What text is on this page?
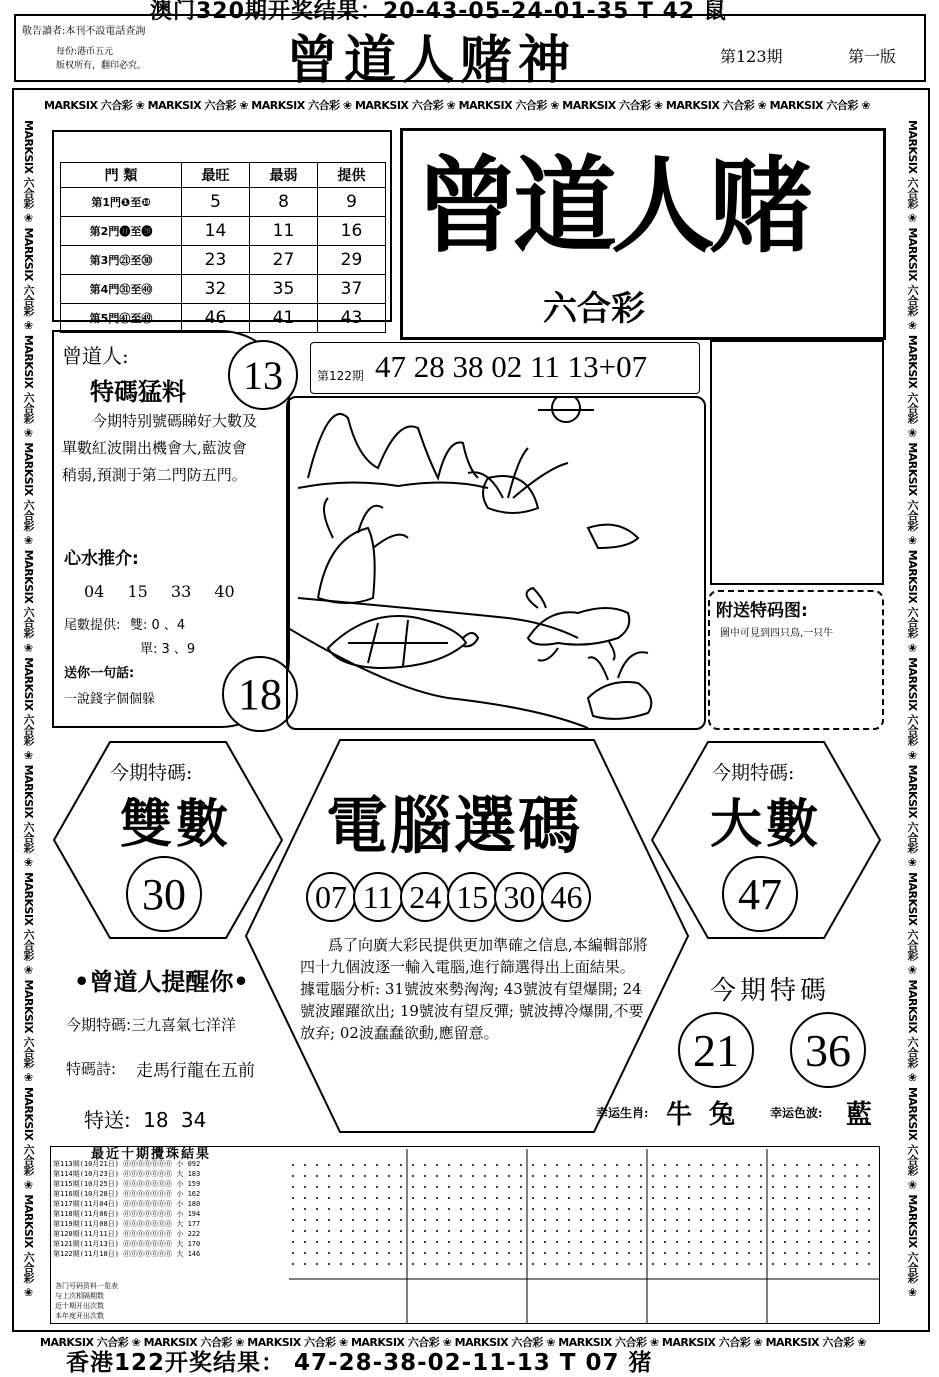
澳门320期开奖结果：20-43-05-24-01-35 T 42 鼠
敬告讀者:本刊不設電話查詢
每份:港币五元
版权所有，翻印必究。	曾道人赌神	第123期	第一版
MARKSIX 六合彩 ❀ MARKSIX 六合彩 ❀ MARKSIX 六合彩 ❀ MARKSIX 六合彩 ❀ MARKSIX 六合彩 ❀ MARKSIX 六合彩 ❀ MARKSIX 六合彩 ❀ MARKSIX 六合彩 ❀
MARKSIX 六合彩 ❀ MARKSIX 六合彩 ❀ MARKSIX 六合彩 ❀ MARKSIX 六合彩 ❀ MARKSIX 六合彩 ❀ MARKSIX 六合彩 ❀ MARKSIX 六合彩 ❀ MARKSIX 六合彩 ❀
MARKSIX 六合彩 ❀ MARKSIX 六合彩 ❀ MARKSIX 六合彩 ❀ MARKSIX 六合彩 ❀ MARKSIX 六合彩 ❀ MARKSIX 六合彩 ❀ MARKSIX 六合彩 ❀ MARKSIX 六合彩 ❀ MARKSIX 六合彩 ❀ MARKSIX 六合彩 ❀ MARKSIX 六合彩 ❀	MARKSIX 六合彩 ❀ MARKSIX 六合彩 ❀ MARKSIX 六合彩 ❀ MARKSIX 六合彩 ❀ MARKSIX 六合彩 ❀ MARKSIX 六合彩 ❀ MARKSIX 六合彩 ❀ MARKSIX 六合彩 ❀ MARKSIX 六合彩 ❀ MARKSIX 六合彩 ❀ MARKSIX 六合彩 ❀
門 類	最旺	最弱	提供
第1門❶至❿	5	8	9
第2門⓫至⓴	14	11	16
第3門㉑至㉚	23	27	29
第4門㉛至㊵	32	35	37
第5門㊶至㊾	46	41	43
曾道人赌
六合彩
第122期 47 28 38 02 11 13+07
附送特码图:
圖中可見到四只鳥,一只牛
曾道人:
特碼猛料
今期特别號碼睇好大數及單數紅波開出機會大,藍波會稍弱,預測于第二門防五門。
心水推介:
04 15 33 40
尾數提供: 雙: 0 、4
單: 3 、9
送你一句話:
一說錢字個個躲
13
18
今期特碼:
雙數
30
今期特碼:
大數
47
電腦選碼
07 11 24 15 30 46
爲了向廣大彩民提供更加準確之信息,本編輯部將四十九個波逐一輸入電腦,進行篩選得出上面結果。據電腦分析: 31號波來勢洶洶; 43號波有望爆開; 24號波躍躍欲出; 19號波有望反彈; 號波搏冷爆開,不要放弃; 02波蠢蠢欲動,應留意。
•曾道人提醒你•
今期特碼:三九喜氣七洋洋
特碼詩: 走馬行龍在五前
特送: 18 34
今期特碼
21	36
幸运生肖: 牛 兔	幸运色波: 藍
最近十期攪珠結果
第113期(10月21日) ⓪⓪⓪⓪⓪⓪⓪ 小 092
第114期(10月23日) ⓪⓪⓪⓪⓪⓪⓪ 大 183
第115期(10月25日) ⓪⓪⓪⓪⓪⓪⓪ 小 159
第116期(10月28日) ⓪⓪⓪⓪⓪⓪⓪ 小 162
第117期(11月04日) ⓪⓪⓪⓪⓪⓪⓪ 小 180
第118期(11月06日) ⓪⓪⓪⓪⓪⓪⓪ 小 194
第119期(11月08日) ⓪⓪⓪⓪⓪⓪⓪ 大 177
第120期(11月11日) ⓪⓪⓪⓪⓪⓪⓪ 小 222
第121期(11月13日) ⓪⓪⓪⓪⓪⓪⓪ 大 170
第122期(11月18日) ⓪⓪⓪⓪⓪⓪⓪ 大 146
各门号码资料一览表
与上次相隔期数
近十期开出次数
本年度开出次数
香港122开奖结果： 47-28-38-02-11-13 T 07 猪
